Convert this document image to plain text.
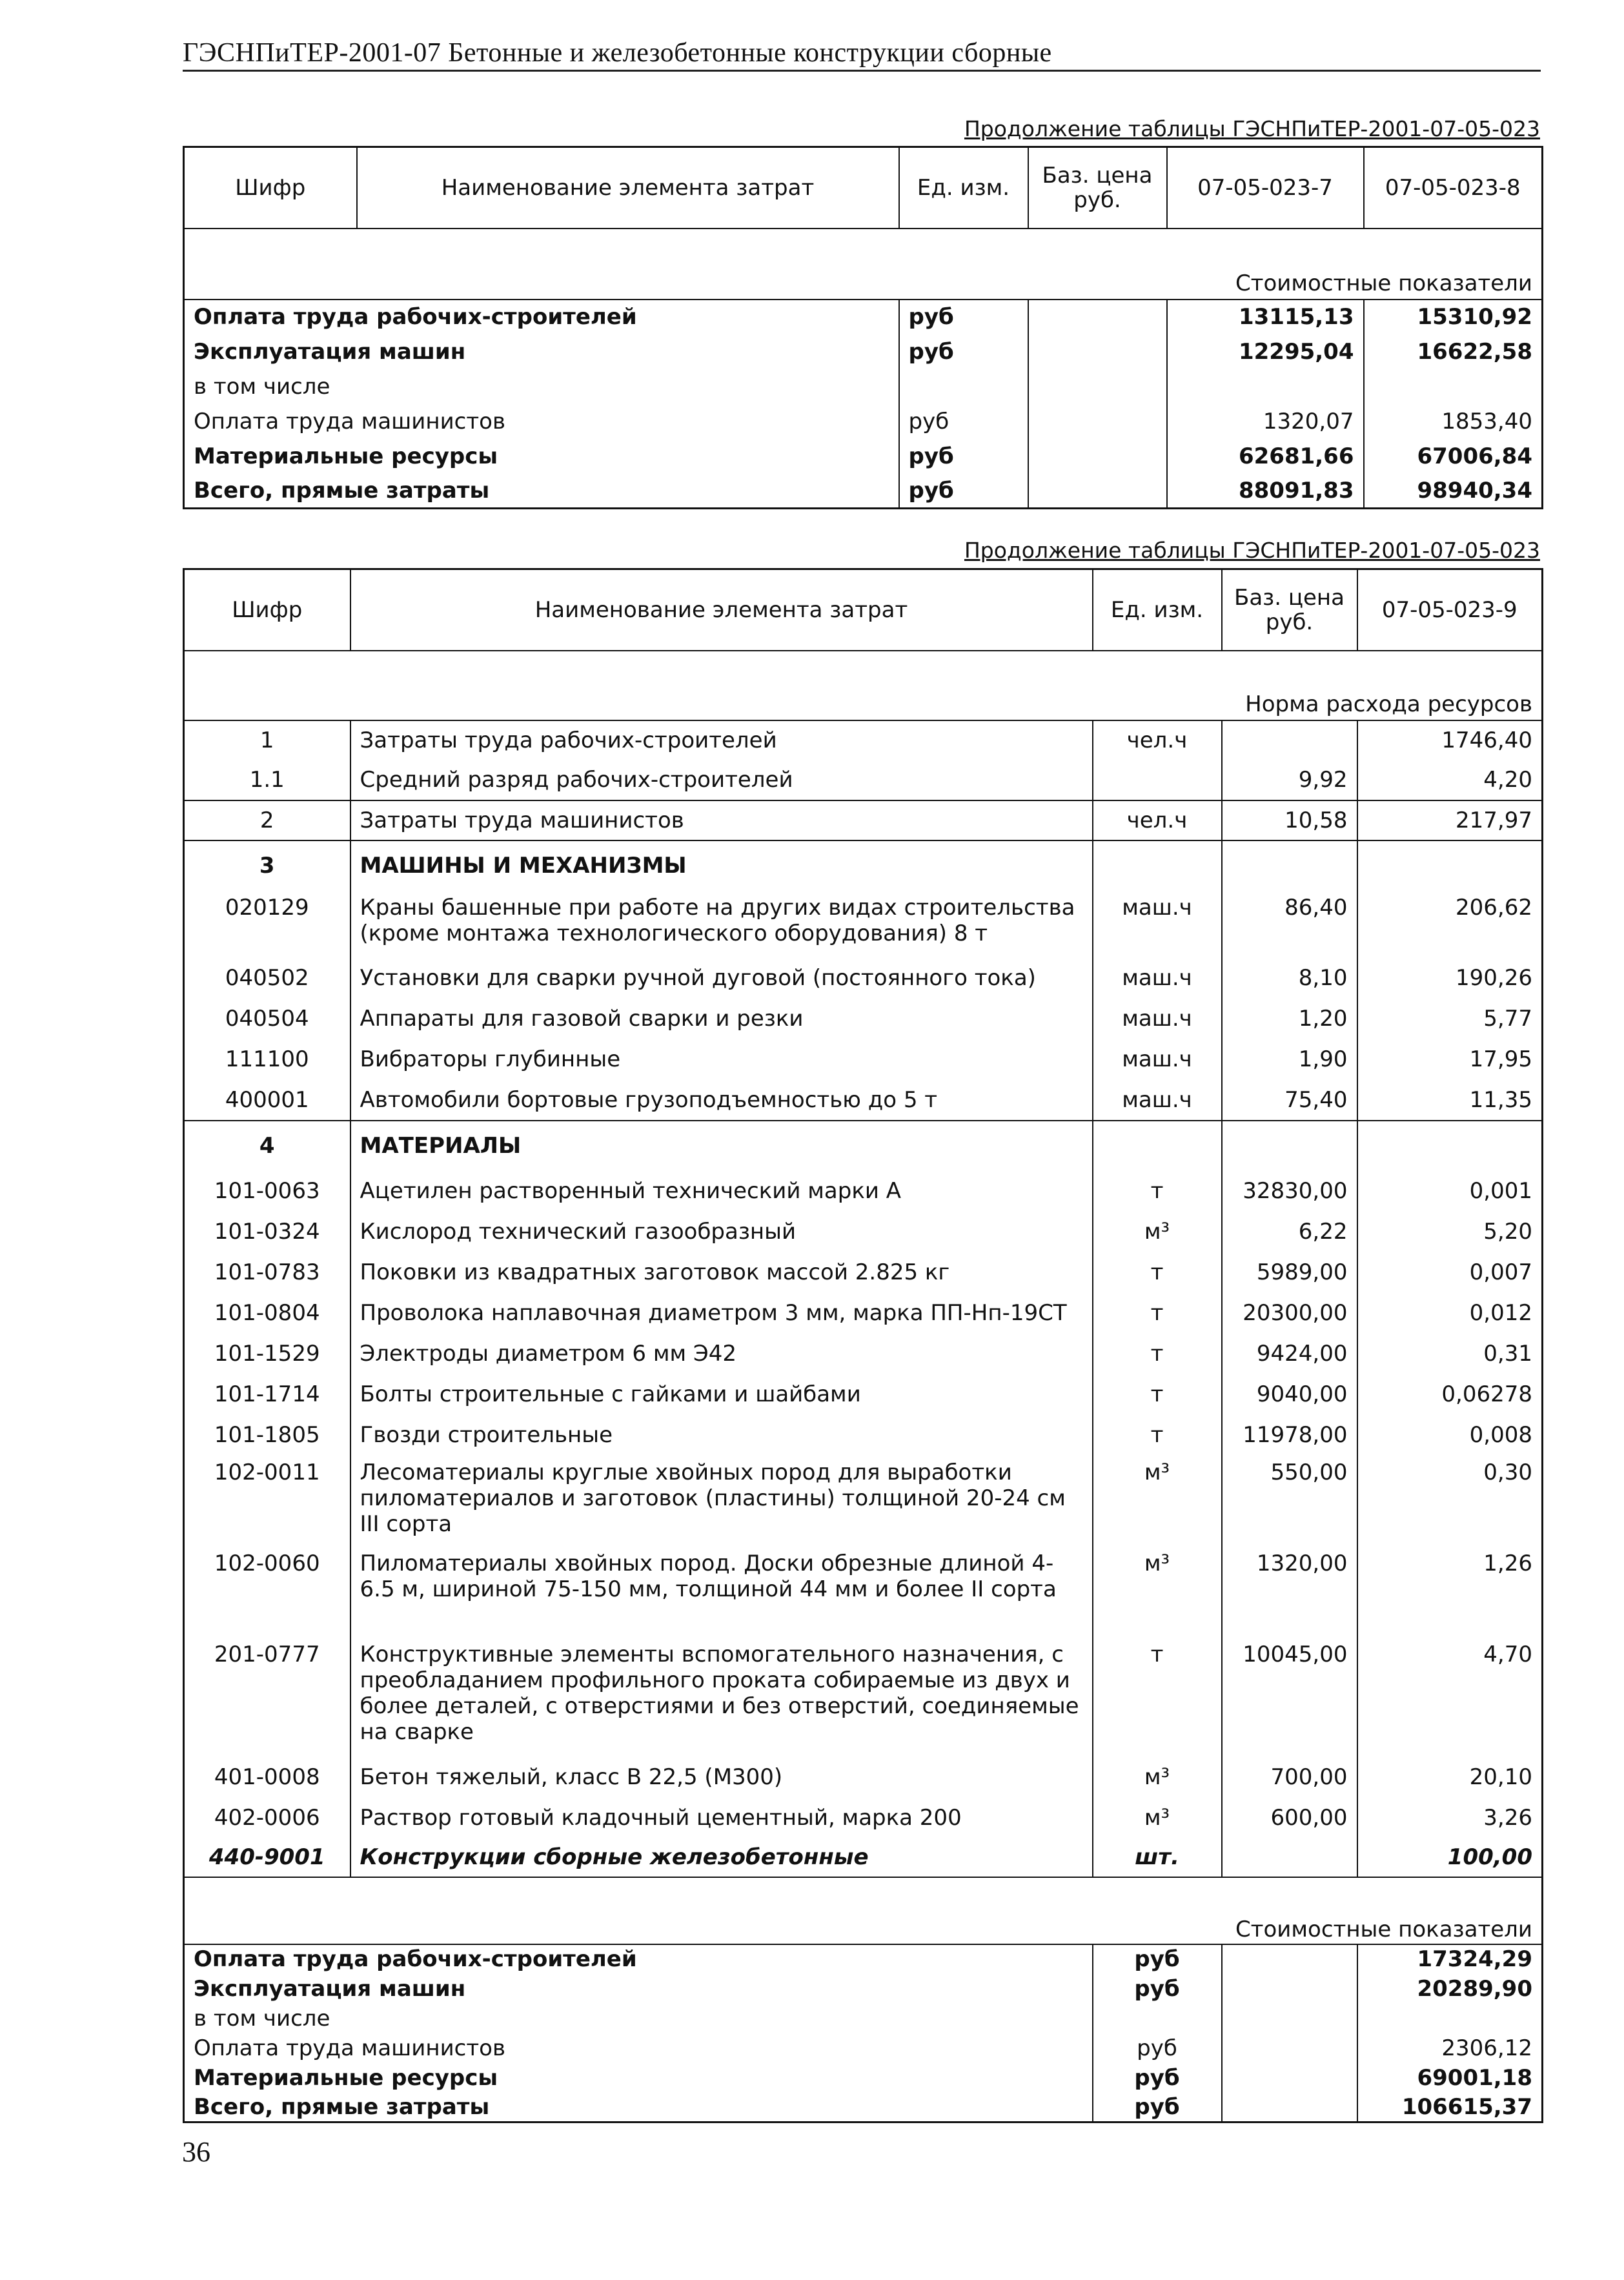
ГЭСНПиТЕР-2001-07 Бетонные и железобетонные конструкции сборные
Продолжение таблицы ГЭСНПиТЕР-2001-07-05-023
Шифр	Наименование элемента затрат	Ед. изм.	Баз. цена руб.	07-05-023-7	07-05-023-8

Стоимостные показатели					
Оплата труда рабочих-строителей		руб		13115,13	15310,92
Эксплуатация машин		руб		12295,04	16622,58
в том числе					
Оплата труда машинистов		руб		1320,07	1853,40
Материальные ресурсы		руб		62681,66	67006,84
Всего, прямые затраты		руб		88091,83	98940,34
Продолжение таблицы ГЭСНПиТЕР-2001-07-05-023
Шифр	Наименование элемента затрат	Ед. изм.	Баз. цена руб.	07-05-023-9

Норма расхода ресурсов				
1	Затраты труда рабочих-строителей	чел.ч		1746,40
1.1	Средний разряд рабочих-строителей		9,92	4,20
2	Затраты труда машинистов	чел.ч	10,58	217,97
3	МАШИНЫ И МЕХАНИЗМЫ			
020129	Краны башенные при работе на других видах строительства (кроме монтажа технологического оборудования) 8 т	маш.ч	86,40	206,62
040502	Установки для сварки ручной дуговой (постоянного тока)	маш.ч	8,10	190,26
040504	Аппараты для газовой сварки и резки	маш.ч	1,20	5,77
111100	Вибраторы глубинные	маш.ч	1,90	17,95
400001	Автомобили бортовые грузоподъемностью до 5 т	маш.ч	75,40	11,35
4	МАТЕРИАЛЫ			
101-0063	Ацетилен растворенный технический марки А	т	32830,00	0,001
101-0324	Кислород технический газообразный	м³	6,22	5,20
101-0783	Поковки из квадратных заготовок массой 2.825 кг	т	5989,00	0,007
101-0804	Проволока наплавочная диаметром 3 мм, марка ПП-Нп-19СТ	т	20300,00	0,012
101-1529	Электроды диаметром 6 мм Э42	т	9424,00	0,31
101-1714	Болты строительные с гайками и шайбами	т	9040,00	0,06278
101-1805	Гвозди строительные	т	11978,00	0,008
102-0011	Лесоматериалы круглые хвойных пород для выработки пиломатериалов и заготовок (пластины) толщиной 20-24 см III сорта	м³	550,00	0,30
102-0060	Пиломатериалы хвойных пород. Доски обрезные длиной 4-6.5 м, шириной 75-150 мм, толщиной 44 мм и более II сорта	м³	1320,00	1,26
201-0777	Конструктивные элементы вспомогательного назначения, с преобладанием профильного проката собираемые из двух и более деталей, с отверстиями и без отверстий, соединяемые на сварке	т	10045,00	4,70
401-0008	Бетон тяжелый, класс В 22,5 (М300)	м³	700,00	20,10
402-0006	Раствор готовый кладочный цементный, марка 200	м³	600,00	3,26
440-9001	Конструкции сборные железобетонные	шт.		100,00

Стоимостные показатели				
Оплата труда рабочих-строителей		руб		17324,29
Эксплуатация машин		руб		20289,90
в том числе				
Оплата труда машинистов		руб		2306,12
Материальные ресурсы		руб		69001,18
Всего, прямые затраты		руб		106615,37
36
